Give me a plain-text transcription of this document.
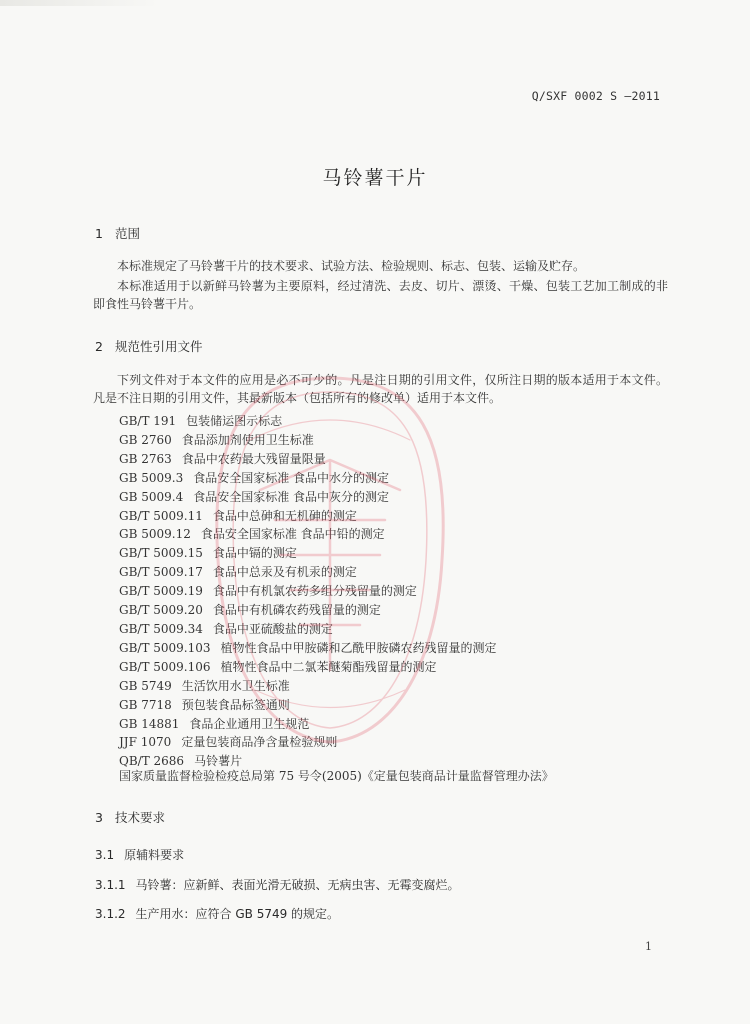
Q/SXF 0002 S —2011
马铃薯干片
1 范围
本标准规定了马铃薯干片的技术要求、试验方法、检验规则、标志、包装、运输及贮存。
本标准适用于以新鲜马铃薯为主要原料，经过清洗、去皮、切片、漂烫、干燥、包装工艺加工制成的非即食性马铃薯干片。
2 规范性引用文件
下列文件对于本文件的应用是必不可少的。凡是注日期的引用文件，仅所注日期的版本适用于本文件。凡是不注日期的引用文件，其最新版本（包括所有的修改单）适用于本文件。
GB/T 191 包装储运图示标志
GB 2760 食品添加剂使用卫生标准
GB 2763 食品中农药最大残留量限量
GB 5009.3 食品安全国家标准 食品中水分的测定
GB 5009.4 食品安全国家标准 食品中灰分的测定
GB/T 5009.11 食品中总砷和无机砷的测定
GB 5009.12 食品安全国家标准 食品中铅的测定
GB/T 5009.15 食品中镉的测定
GB/T 5009.17 食品中总汞及有机汞的测定
GB/T 5009.19 食品中有机氯农药多组分残留量的测定
GB/T 5009.20 食品中有机磷农药残留量的测定
GB/T 5009.34 食品中亚硫酸盐的测定
GB/T 5009.103 植物性食品中甲胺磷和乙酰甲胺磷农药残留量的测定
GB/T 5009.106 植物性食品中二氯苯醚菊酯残留量的测定
GB 5749 生活饮用水卫生标准
GB 7718 预包装食品标签通则
GB 14881 食品企业通用卫生规范
JJF 1070 定量包装商品净含量检验规则
QB/T 2686 马铃薯片
国家质量监督检验检疫总局第 75 号令(2005)《定量包装商品计量监督管理办法》
3 技术要求
3.1 原辅料要求
3.1.1 马铃薯：应新鲜、表面光滑无破损、无病虫害、无霉变腐烂。
3.1.2 生产用水：应符合 GB 5749 的规定。
1
